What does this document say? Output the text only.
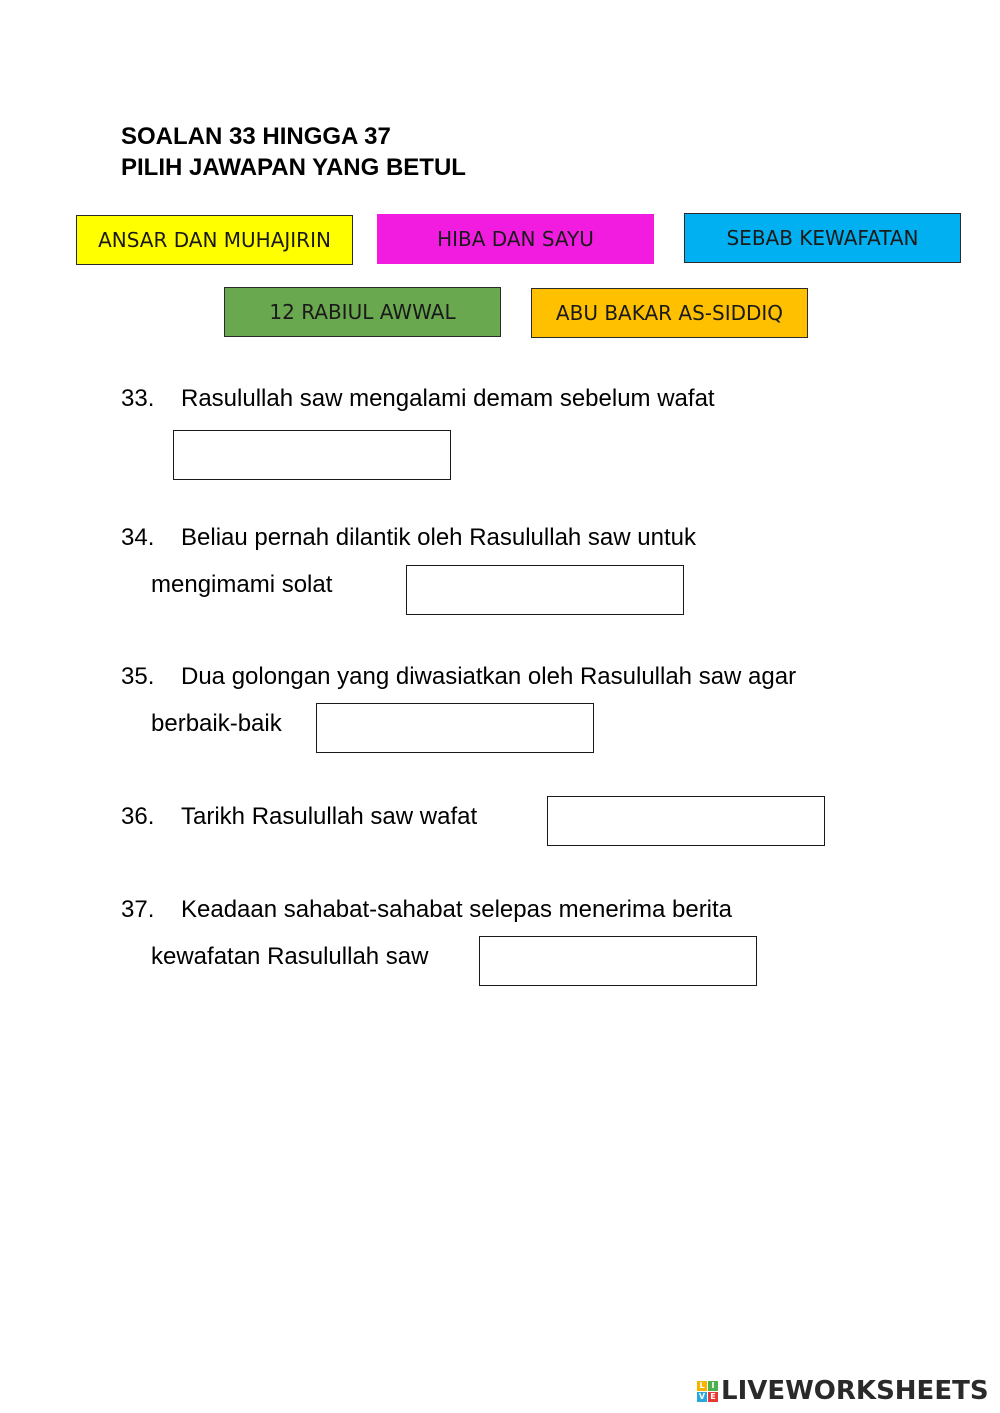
SOALAN 33 HINGGA 37
PILIH JAWAPAN YANG BETUL
ANSAR DAN MUHAJIRIN	HIBA DAN SAYU	SEBAB KEWAFATAN
12 RABIUL AWWAL	ABU BAKAR AS-SIDDIQ
33. Rasulullah saw mengalami demam sebelum wafat
34. Beliau pernah dilantik oleh Rasulullah saw untuk
mengimami solat
35. Dua golongan yang diwasiatkan oleh Rasulullah saw agar
berbaik-baik
36. Tarikh Rasulullah saw wafat
37. Keadaan sahabat-sahabat selepas menerima berita
kewafatan Rasulullah saw
L I
V E LIVEWORKSHEETS
